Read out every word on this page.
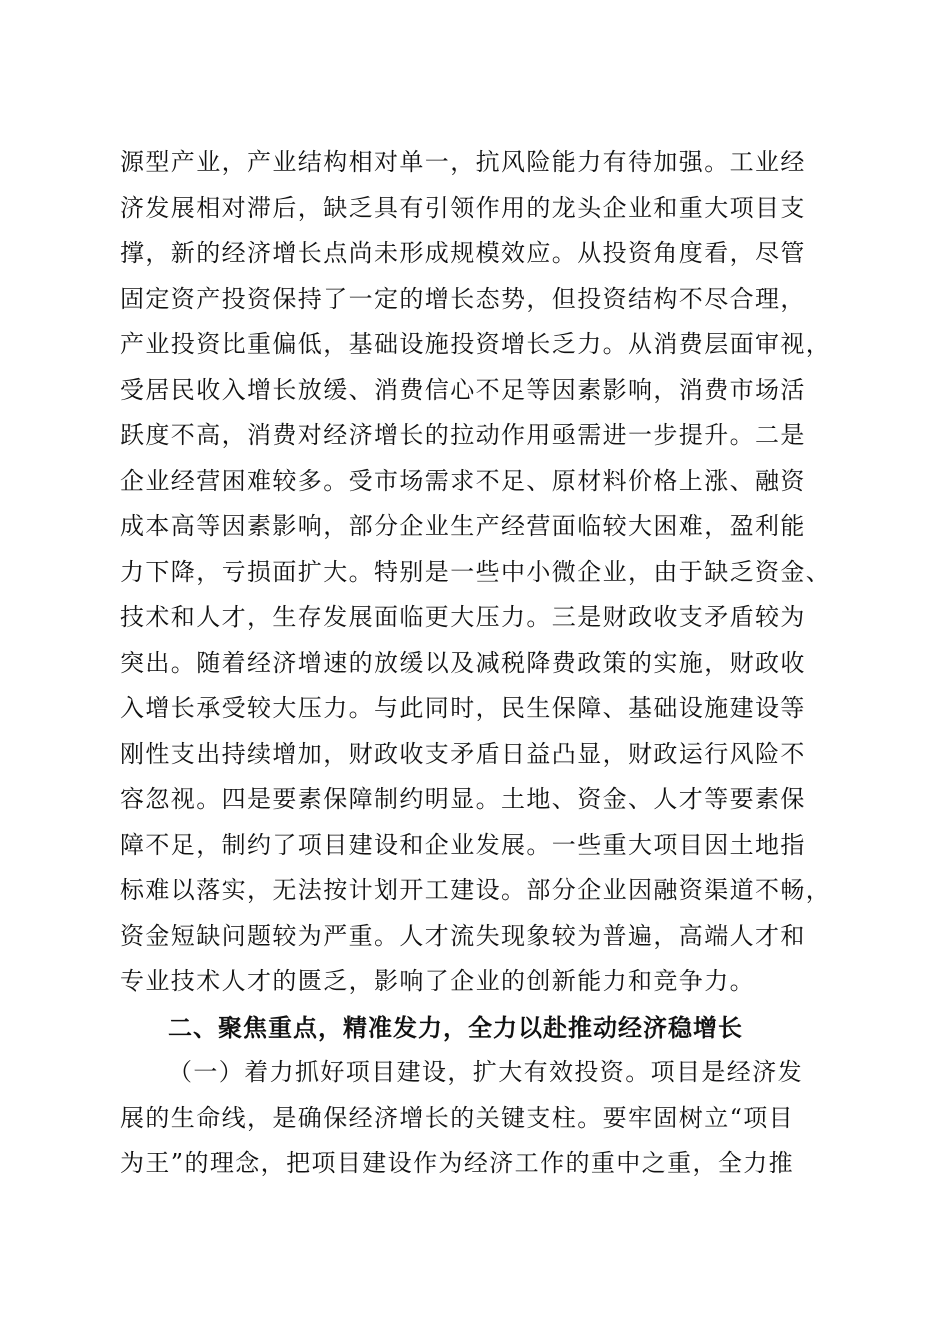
源型产业，产业结构相对单一，抗风险能力有待加强。工业经
济发展相对滞后，缺乏具有引领作用的龙头企业和重大项目支
撑，新的经济增长点尚未形成规模效应。从投资角度看，尽管
固定资产投资保持了一定的增长态势，但投资结构不尽合理，
产业投资比重偏低，基础设施投资增长乏力。从消费层面审视，
受居民收入增长放缓、消费信心不足等因素影响，消费市场活
跃度不高，消费对经济增长的拉动作用亟需进一步提升。二是
企业经营困难较多。受市场需求不足、原材料价格上涨、融资
成本高等因素影响，部分企业生产经营面临较大困难，盈利能
力下降，亏损面扩大。特别是一些中小微企业，由于缺乏资金、
技术和人才，生存发展面临更大压力。三是财政收支矛盾较为
突出。随着经济增速的放缓以及减税降费政策的实施，财政收
入增长承受较大压力。与此同时，民生保障、基础设施建设等
刚性支出持续增加，财政收支矛盾日益凸显，财政运行风险不
容忽视。四是要素保障制约明显。土地、资金、人才等要素保
障不足，制约了项目建设和企业发展。一些重大项目因土地指
标难以落实，无法按计划开工建设。部分企业因融资渠道不畅，
资金短缺问题较为严重。人才流失现象较为普遍，高端人才和
专业技术人才的匮乏，影响了企业的创新能力和竞争力。
二、聚焦重点，精准发力，全力以赴推动经济稳增长
（一）着力抓好项目建设，扩大有效投资。项目是经济发
展的生命线，是确保经济增长的关键支柱。要牢固树立“项目
为王”的理念，把项目建设作为经济工作的重中之重，全力推
